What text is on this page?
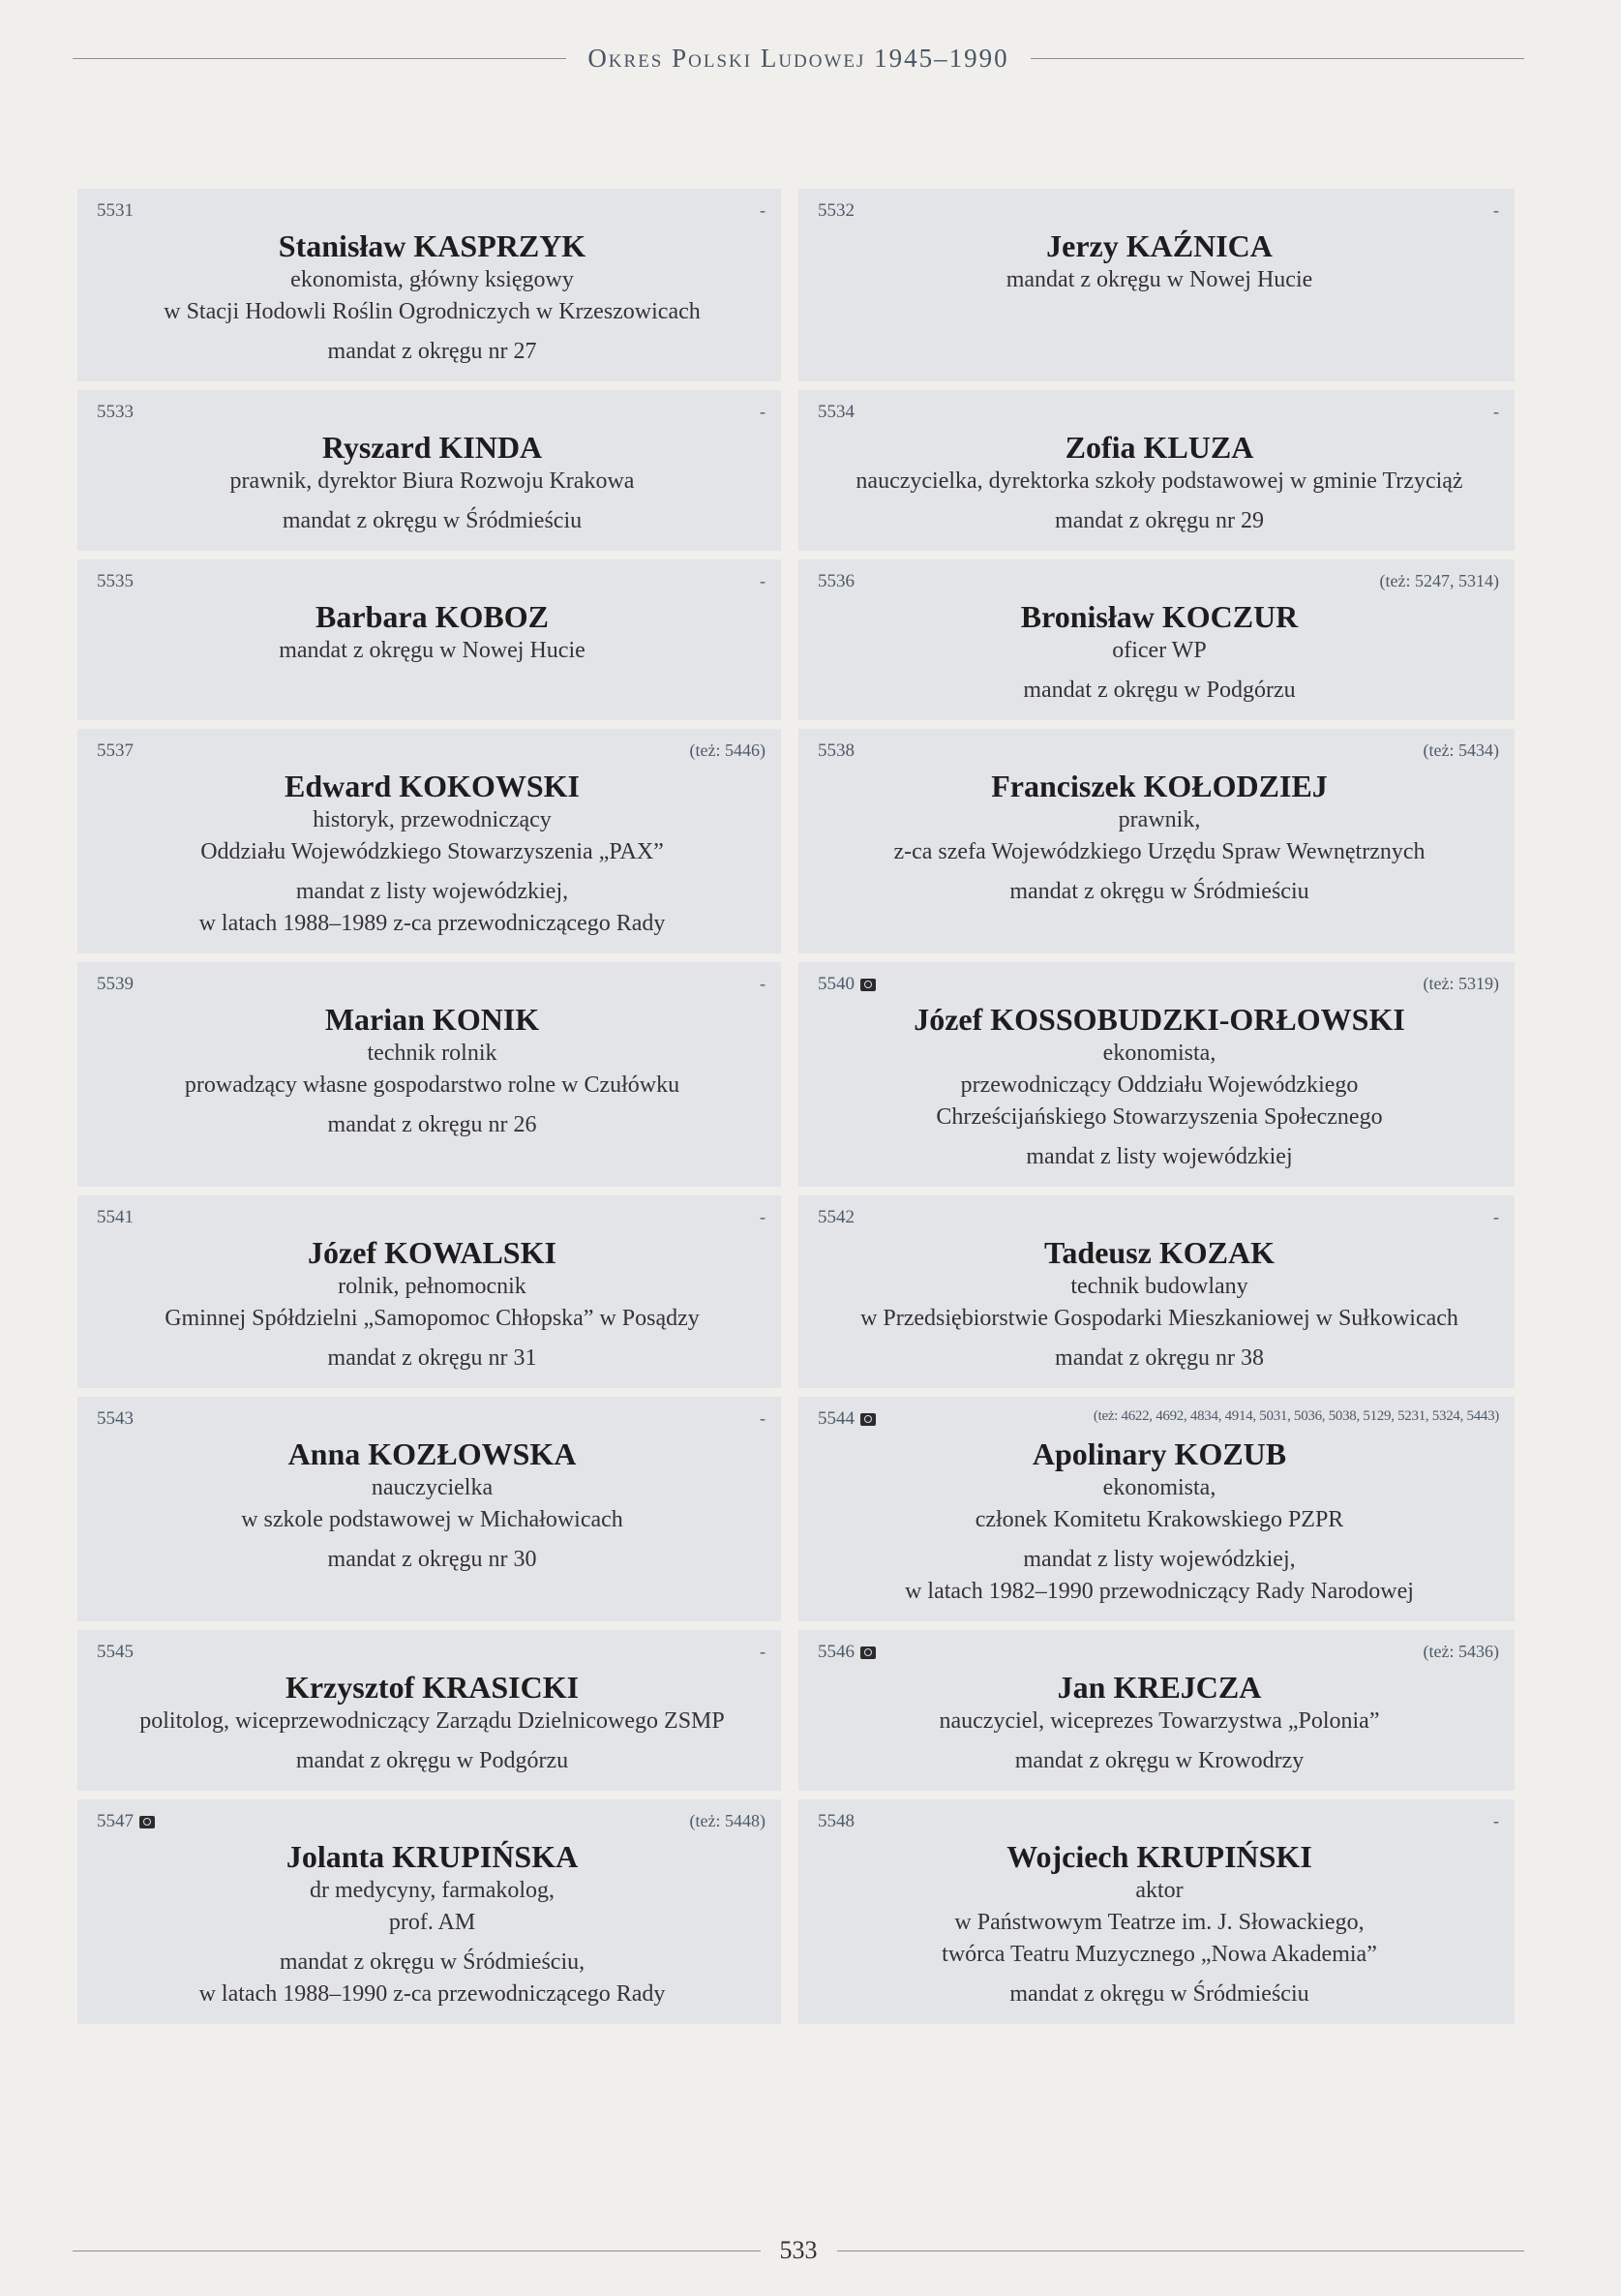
Okres Polski Ludowej 1945–1990
5531	-
Stanisław KASPRZYK
ekonomista, główny księgowy
w Stacji Hodowli Roślin Ogrodniczych w Krzeszowicach
mandat z okręgu nr 27
5532	-
Jerzy KAŹNICA
mandat z okręgu w Nowej Hucie
5533	-
Ryszard KINDA
prawnik, dyrektor Biura Rozwoju Krakowa
mandat z okręgu w Śródmieściu
5534	-
Zofia KLUZA
nauczycielka, dyrektorka szkoły podstawowej w gminie Trzyciąż
mandat z okręgu nr 29
5535	-
Barbara KOBOZ
mandat z okręgu w Nowej Hucie
5536	(też: 5247, 5314)
Bronisław KOCZUR
oficer WP
mandat z okręgu w Podgórzu
5537	(też: 5446)
Edward KOKOWSKI
historyk, przewodniczący
Oddziału Wojewódzkiego Stowarzyszenia „PAX”
mandat z listy wojewódzkiej,
w latach 1988–1989 z-ca przewodniczącego Rady
5538	(też: 5434)
Franciszek KOŁODZIEJ
prawnik,
z-ca szefa Wojewódzkiego Urzędu Spraw Wewnętrznych
mandat z okręgu w Śródmieściu
5539	-
Marian KONIK
technik rolnik
prowadzący własne gospodarstwo rolne w Czułówku
mandat z okręgu nr 26
5540	(też: 5319)
Józef KOSSOBUDZKI-ORŁOWSKI
ekonomista,
przewodniczący Oddziału Wojewódzkiego
Chrześcijańskiego Stowarzyszenia Społecznego
mandat z listy wojewódzkiej
5541	-
Józef KOWALSKI
rolnik, pełnomocnik
Gminnej Spółdzielni „Samopomoc Chłopska” w Posądzy
mandat z okręgu nr 31
5542	-
Tadeusz KOZAK
technik budowlany
w Przedsiębiorstwie Gospodarki Mieszkaniowej w Sułkowicach
mandat z okręgu nr 38
5543	-
Anna KOZŁOWSKA
nauczycielka
w szkole podstawowej w Michałowicach
mandat z okręgu nr 30
5544	(też: 4622, 4692, 4834, 4914, 5031, 5036, 5038, 5129, 5231, 5324, 5443)
Apolinary KOZUB
ekonomista,
członek Komitetu Krakowskiego PZPR
mandat z listy wojewódzkiej,
w latach 1982–1990 przewodniczący Rady Narodowej
5545	-
Krzysztof KRASICKI
politolog, wiceprzewodniczący Zarządu Dzielnicowego ZSMP
mandat z okręgu w Podgórzu
5546	(też: 5436)
Jan KREJCZA
nauczyciel, wiceprezes Towarzystwa „Polonia”
mandat z okręgu w Krowodrzy
5547	(też: 5448)
Jolanta KRUPIŃSKA
dr medycyny, farmakolog,
prof. AM
mandat z okręgu w Śródmieściu,
w latach 1988–1990 z-ca przewodniczącego Rady
5548	-
Wojciech KRUPIŃSKI
aktor
w Państwowym Teatrze im. J. Słowackiego,
twórca Teatru Muzycznego „Nowa Akademia”
mandat z okręgu w Śródmieściu
533
